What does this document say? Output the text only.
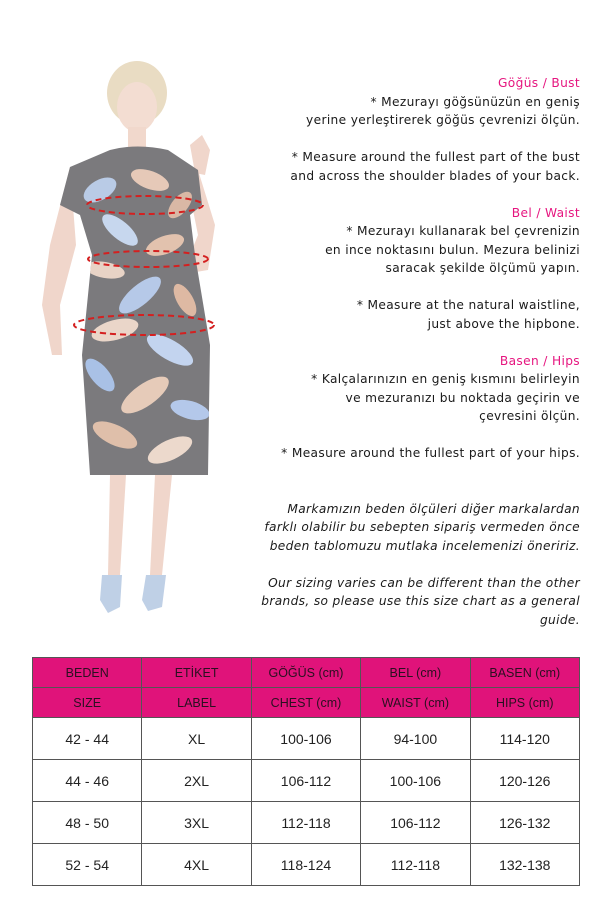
Göğüs / Bust

* Mezurayı göğsünüzün en geniş

yerine yerleştirerek göğüs çevrenizi ölçün.

* Measure around the fullest part of the bust

and across the shoulder blades of your back.

Bel / Waist

* Mezurayı kullanarak bel çevrenizin

en ince noktasını bulun. Mezura belinizi

saracak şekilde ölçümü yapın.

* Measure at the natural waistline,

just above the hipbone.

Basen / Hips

* Kalçalarınızın en geniş kısmını belirleyin

ve mezuranızı bu noktada geçirin ve

çevresini ölçün.

* Measure around the fullest part of your hips.

Markamızın beden ölçüleri diğer markalardan

farklı olabilir bu sebepten sipariş vermeden önce

beden tablomuzu mutlaka incelemenizi öneririz.

Our sizing varies can be different than the other

brands, so please use this size chart as a general guide.

BEDEN	ETİKET	GÖĞÜS (cm)	BEL (cm)	BASEN (cm)
SIZE	LABEL	CHEST (cm)	WAIST (cm)	HIPS (cm)
42 - 44	XL	100-106	94-100	114-120
44 - 46	2XL	106-112	100-106	120-126
48 - 50	3XL	112-118	106-112	126-132
52 - 54	4XL	118-124	112-118	132-138
